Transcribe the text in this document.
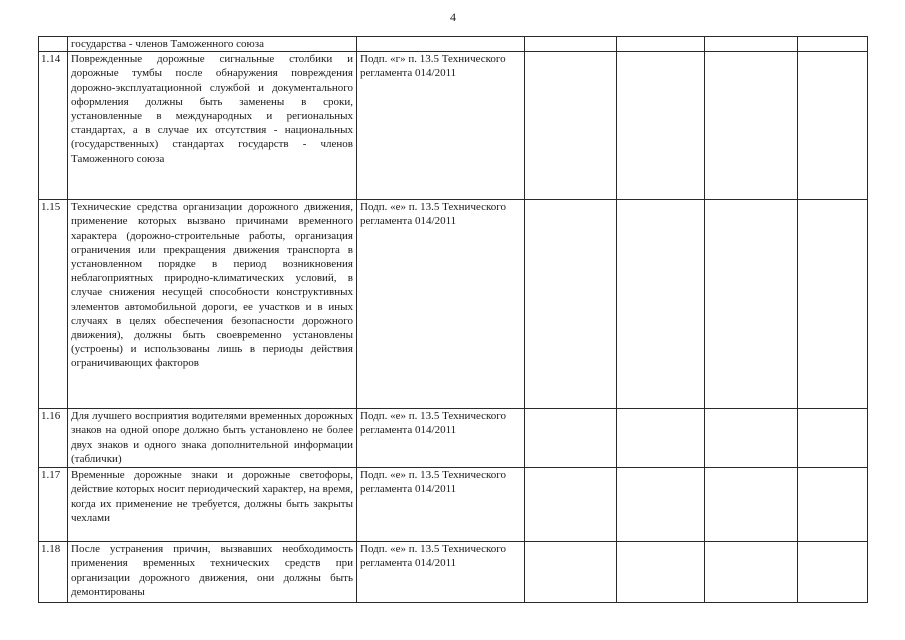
4
	государства - членов Таможенного союза					
1.14	Поврежденные дорожные сигнальные столбики и дорожные тумбы после обнаружения повреждения дорожно-эксплуатационной службой и документального оформления должны быть заменены в сроки, установленные в международных и региональных стандартах, а в случае их отсутствия - национальных (государственных) стандартах государств - членов Таможенного союза	Подп. «г» п. 13.5 Технического регламента 014/2011				
1.15	Технические средства организации дорожного движения, применение которых вызвано причинами временного характера (дорожно-строительные работы, организация ограничения или прекращения движения транспорта в установленном порядке в период возникновения неблагоприятных природно-климатических условий, в случае снижения несущей способности конструктивных элементов автомобильной дороги, ее участков и в иных случаях в целях обеспечения безопасности дорожного движения), должны быть своевременно установлены (устроены) и использованы лишь в периоды действия ограничивающих факторов	Подп. «е» п. 13.5 Технического регламента 014/2011				
1.16	Для лучшего восприятия водителями временных дорожных знаков на одной опоре должно быть установлено не более двух знаков и одного знака дополнительной информации (таблички)	Подп. «е» п. 13.5 Технического регламента 014/2011				
1.17	Временные дорожные знаки и дорожные светофоры, действие которых носит периодический характер, на время, когда их применение не требуется, должны быть закрыты чехлами	Подп. «е» п. 13.5 Технического регламента 014/2011				
1.18	После устранения причин, вызвавших необходимость применения временных технических средств при организации дорожного движения, они должны быть демонтированы	Подп. «е» п. 13.5 Технического регламента 014/2011				
